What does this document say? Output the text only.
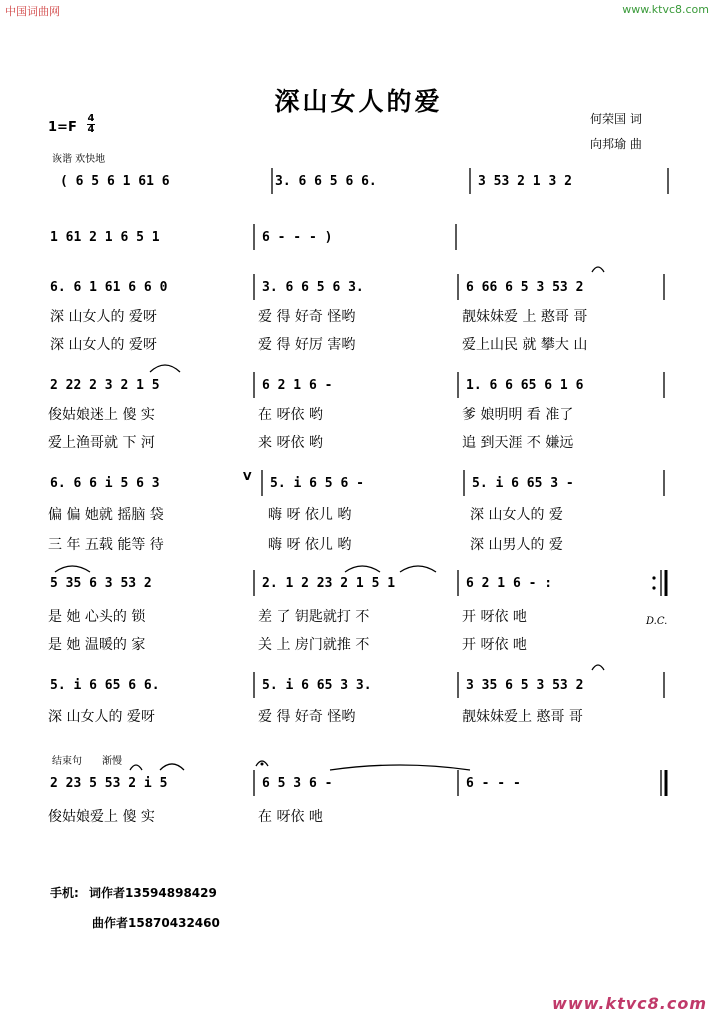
中国词曲网	www.ktvc8.com
www.ktvc8.com
深山女人的爱
何荣国 词
向邦瑜 曲
1=F
4
4
诙谐 欢快地
( 6 5 6 1 61 6	3. 6 6 5 6 6.	3 53 2 1 3 2
1 61 2 1 6 5 1	6 - - - )
6. 6 1 61 6 6 0	3. 6 6 5 6 3.	6 66 6 5 3 53 2
深 山女人的 爱呀	爱 得 好奇 怪哟	靓妹妹爱 上 憨哥 哥
深 山女人的 爱呀	爱 得 好厉 害哟	爱上山民 就 攀大 山
2 22 2 3 2 1 5	6 2 1 6 -	1. 6 6 65 6 1 6
俊姑娘迷上 傻 实	在 呀依 哟	爹 娘明明 看 准了
爱上渔哥就 下 河	来 呀依 哟	追 到天涯 不 嫌远
6. 6 6 i 5 6 3	V 5. i 6 5 6 -	5. i 6 65 3 -
偏 偏 她就 摇脑 袋	嗨 呀 依儿 哟	深 山女人的 爱
三 年 五载 能等 待	嗨 呀 依儿 哟	深 山男人的 爱
5 35 6 3 53 2	2. 1 2 23 2 1 5 1	6 2 1 6 - :
是 她 心头的 锁	差 了 钥匙就打 不	开 呀依 吔
是 她 温暖的 家	关 上 房门就推 不	开 呀依 吔
D.C.
5. i 6 65 6 6.	5. i 6 65 3 3.	3 35 6 5 3 53 2
深 山女人的 爱呀	爱 得 好奇 怪哟	靓妹妹爱上 憨哥 哥
结束句 渐慢
2 23 5 53 2 i 5	6 5 3 6 -	6 - - -
俊姑娘爱上 傻 实	在 呀依 吔
手机: 词作者13594898429
曲作者15870432460
